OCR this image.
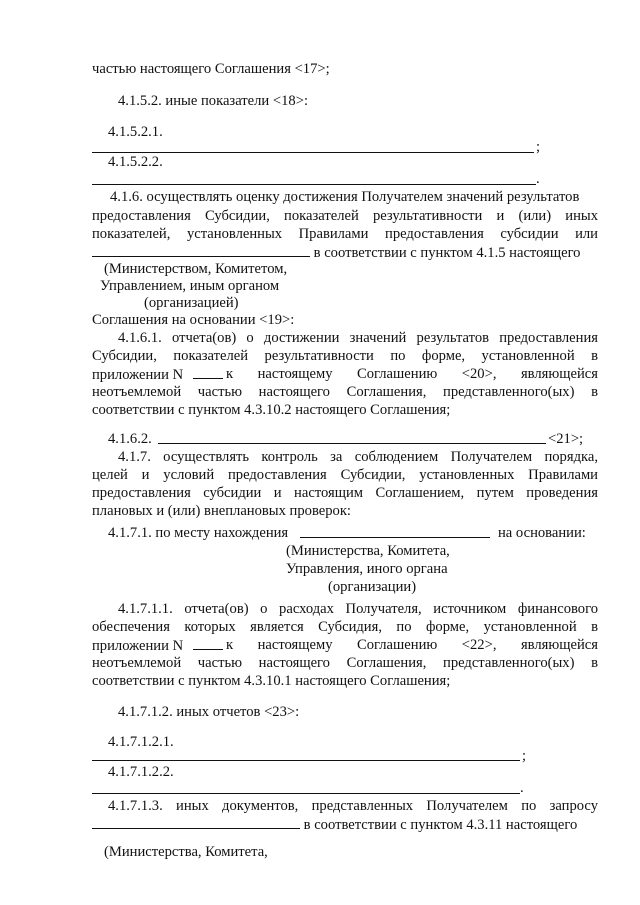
частью настоящего Соглашения <17>;
4.1.5.2. иные показатели <18>:
4.1.5.2.1.
;
4.1.5.2.2.
.
4.1.6. осуществлять оценку достижения Получателем значений результатов
предоставления Субсидии, показателей результативности и (или) иных
показателей, установленных Правилами предоставления субсидии или
в соответствии с пунктом 4.1.5 настоящего
(Министерством, Комитетом,
Управлением, иным органом
(организацией)
Соглашения на основании <19>:
4.1.6.1. отчета(ов) о достижении значений результатов предоставления
Субсидии, показателей результативности по форме, установленной в
приложении N	к настоящему Соглашению <20>, являющейся
неотъемлемой частью настоящего Соглашения, представленного(ых) в
соответствии с пунктом 4.3.10.2 настоящего Соглашения;
4.1.6.2.	<21>;
4.1.7. осуществлять контроль за соблюдением Получателем порядка,
целей и условий предоставления Субсидии, установленных Правилами
предоставления субсидии и настоящим Соглашением, путем проведения
плановых и (или) внеплановых проверок:
4.1.7.1. по месту нахождения	на основании:
(Министерства, Комитета,
Управления, иного органа
(организации)
4.1.7.1.1. отчета(ов) о расходах Получателя, источником финансового
обеспечения которых является Субсидия, по форме, установленной в
приложении N	к настоящему Соглашению <22>, являющейся
неотъемлемой частью настоящего Соглашения, представленного(ых) в
соответствии с пунктом 4.3.10.1 настоящего Соглашения;
4.1.7.1.2. иных отчетов <23>:
4.1.7.1.2.1.
;
4.1.7.1.2.2.
.
4.1.7.1.3. иных документов, представленных Получателем по запросу
в соответствии с пунктом 4.3.11 настоящего
(Министерства, Комитета,
